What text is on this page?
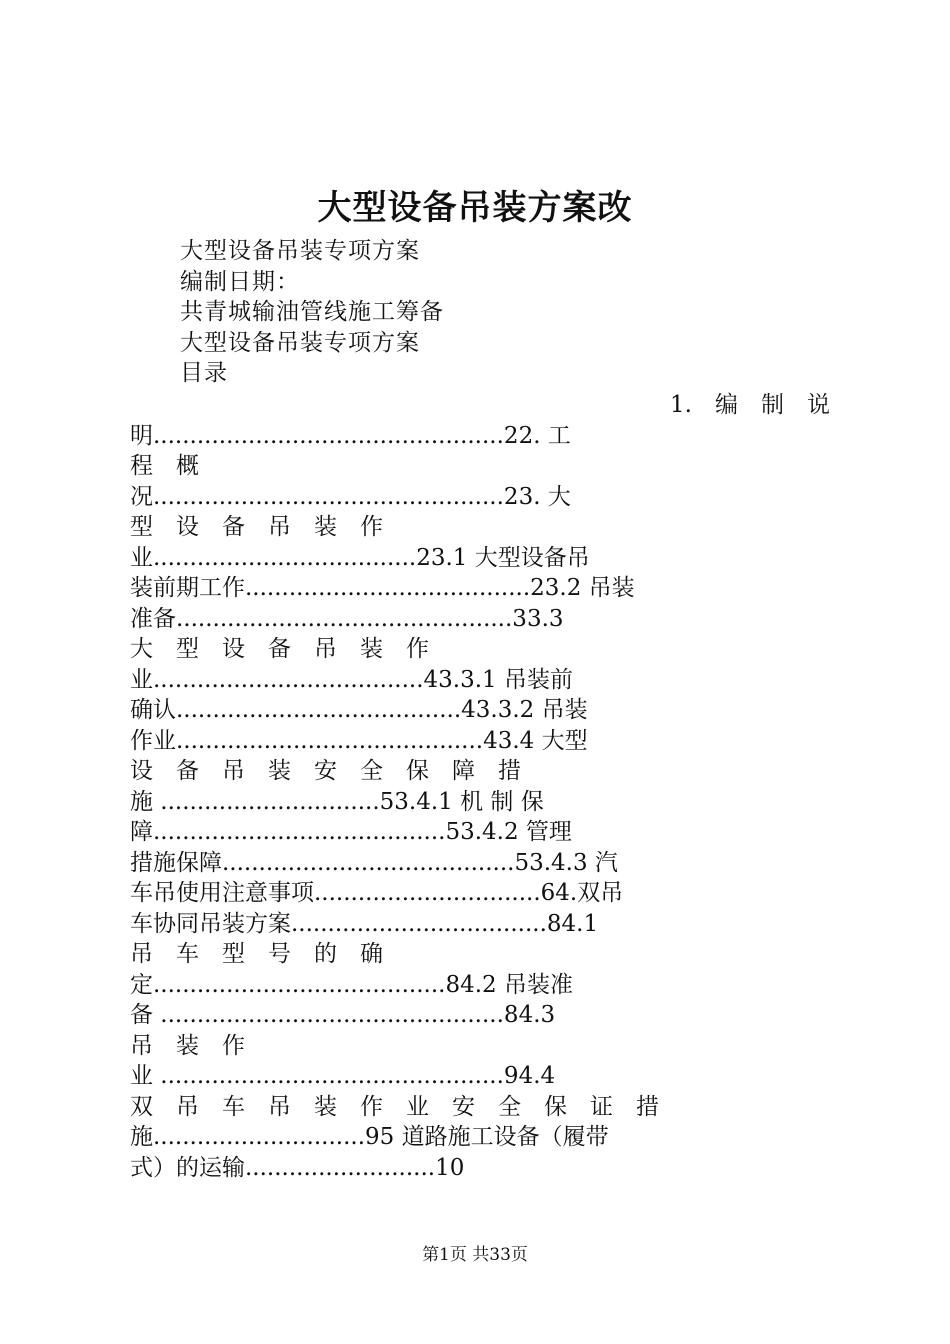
大型设备吊装方案改
大型设备吊装专项方案
编制日期：
共青城输油管线施工筹备
大型设备吊装专项方案
目录
1.　编　制　说
明................................................22. 工
程　概
况................................................23. 大
型　设　备　吊　装　作
业....................................23.1 大型设备吊
装前期工作.......................................23.2 吊装
准备..............................................33.3
大　型　设　备　吊　装　作
业.....................................43.3.1 吊装前
确认.......................................43.3.2 吊装
作业..........................................43.4 大型
设　备　吊　装　安　全　保　障　措
施 ..............................53.4.1 机 制 保
障........................................53.4.2 管理
措施保障........................................53.4.3 汽
车吊使用注意事项...............................64.双吊
车协同吊装方案...................................84.1
吊　车　型　号　的　确
定........................................84.2 吊装准
备 ...............................................84.3
吊　装　作
业 ...............................................94.4
双　吊　车　吊　装　作　业　安　全　保　证　措
施.............................95 道路施工设备（履带
式）的运输..........................10
第1页 共33页
